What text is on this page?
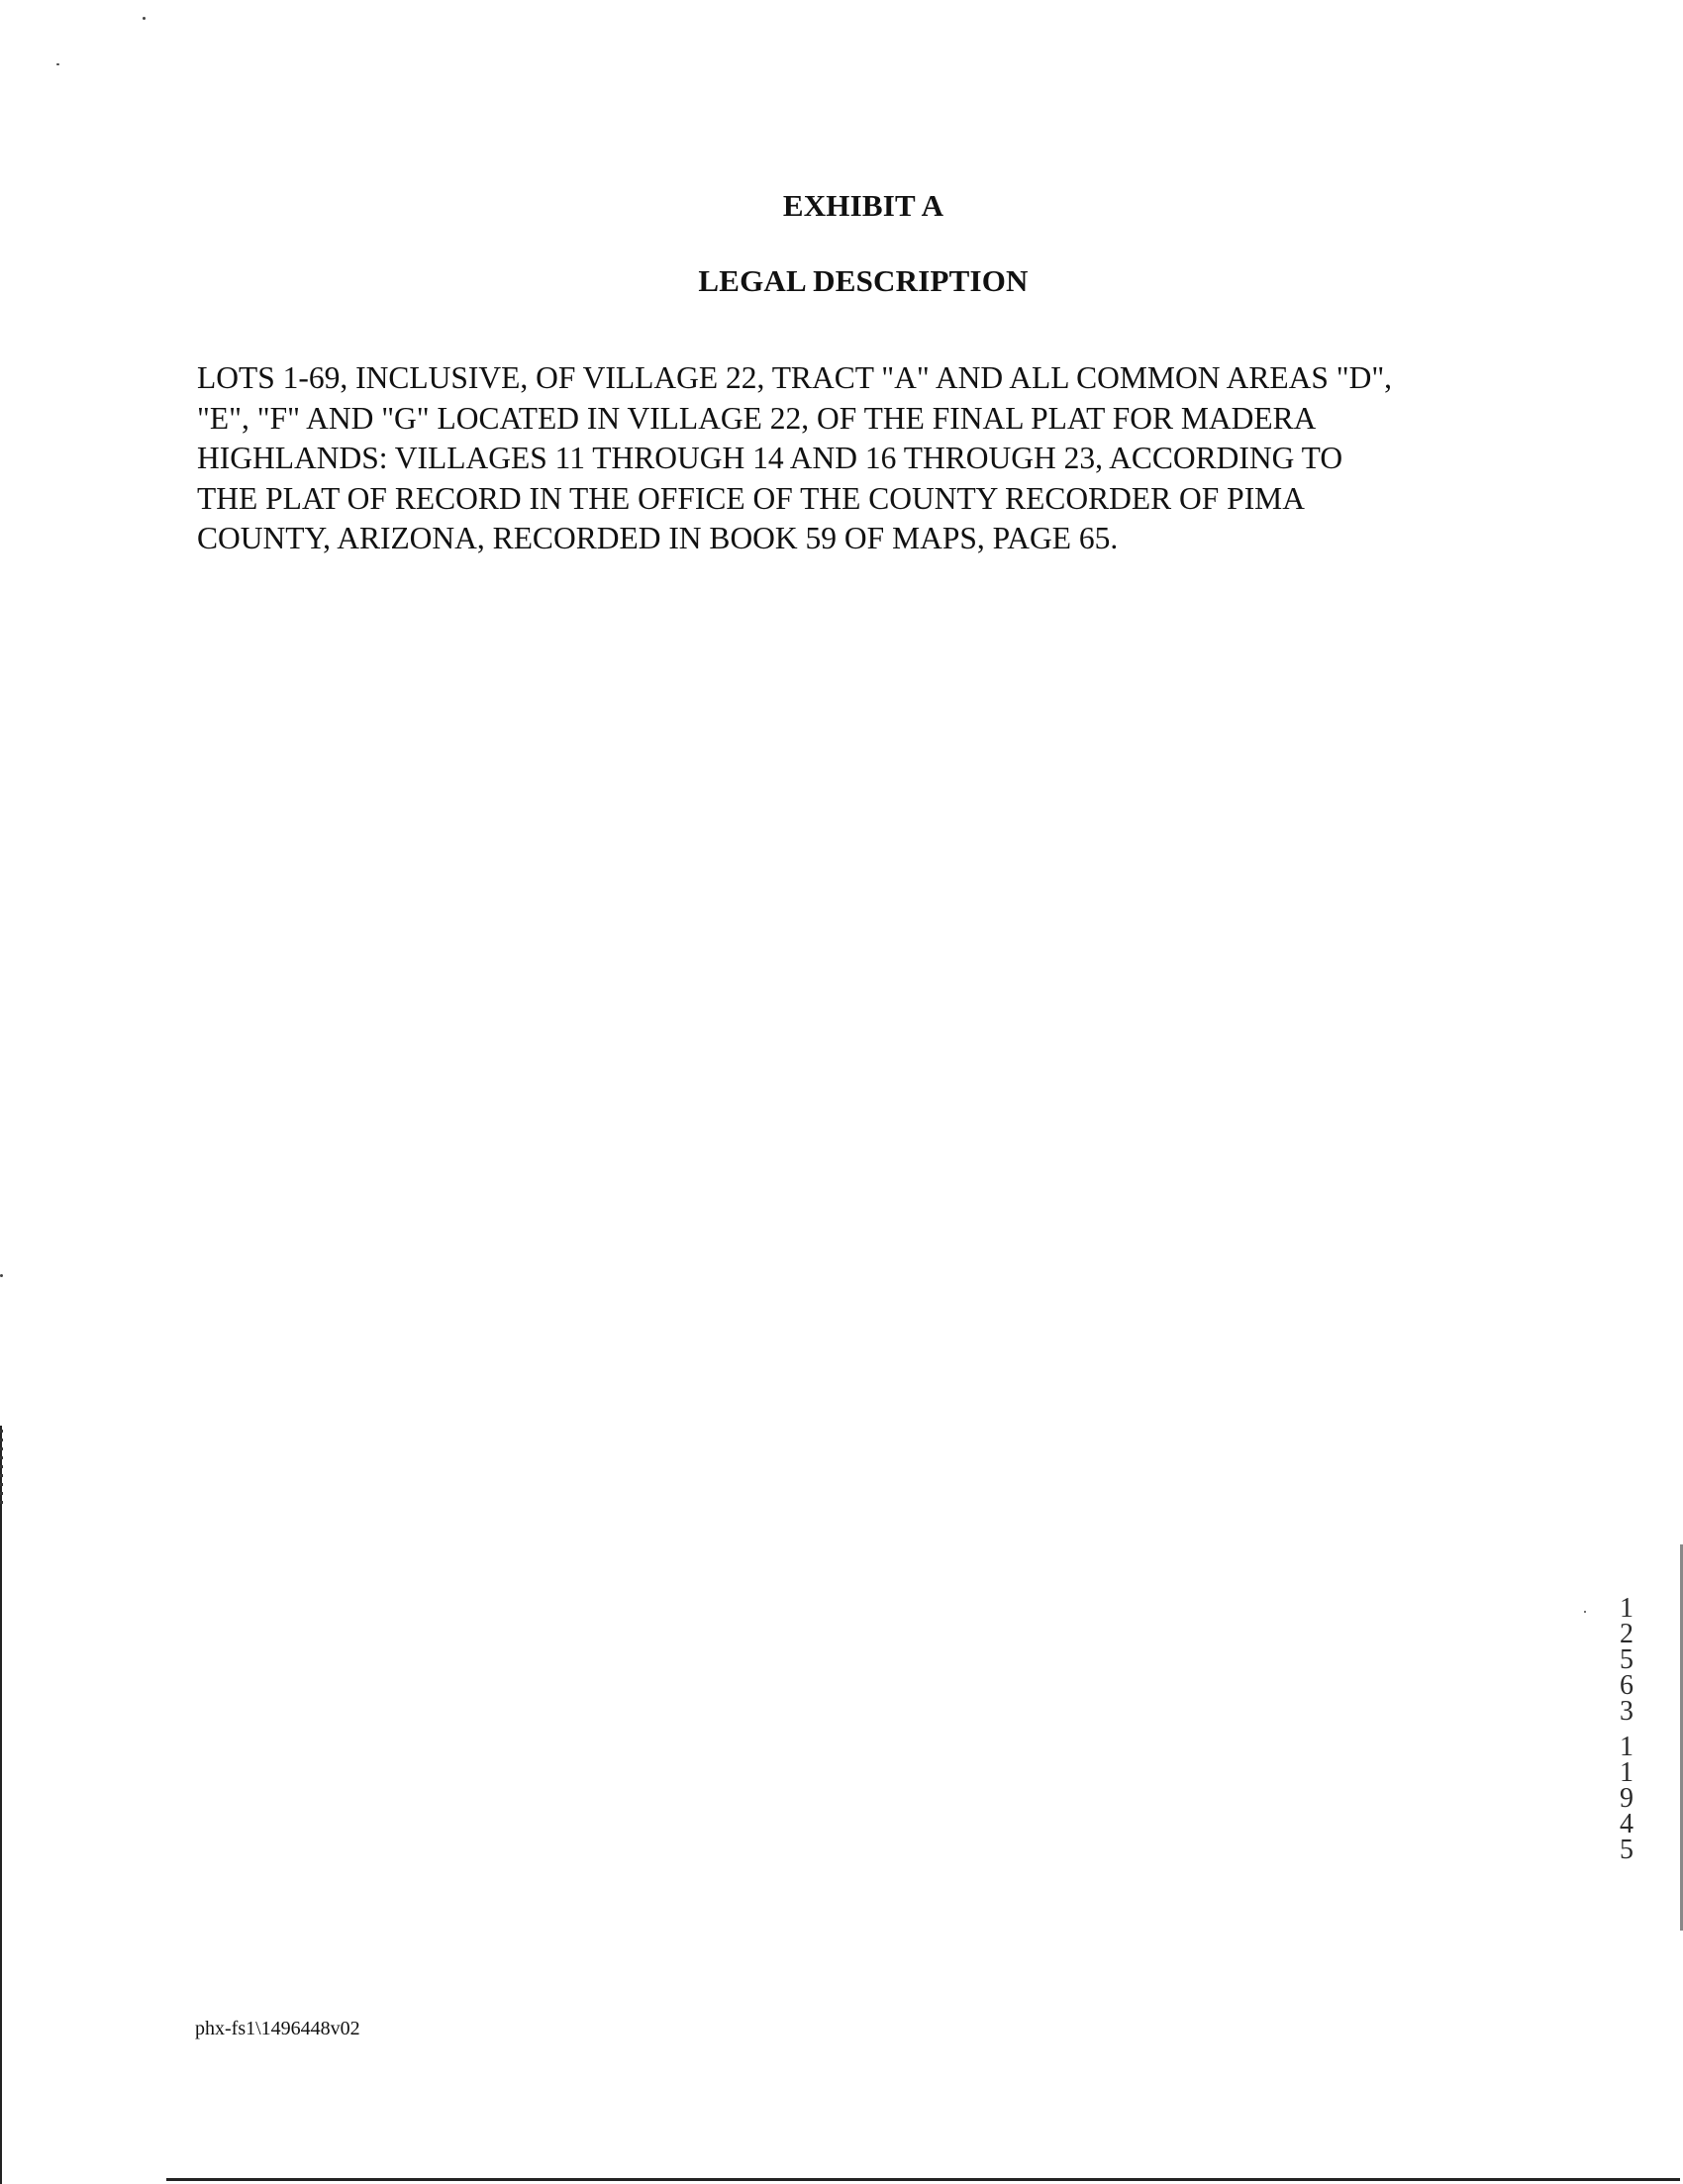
EXHIBIT A
LEGAL DESCRIPTION

LOTS 1-69, INCLUSIVE, OF VILLAGE 22, TRACT "A" AND ALL COMMON AREAS "D",
"E", "F" AND "G" LOCATED IN VILLAGE 22, OF THE FINAL PLAT FOR MADERA
HIGHLANDS: VILLAGES 11 THROUGH 14 AND 16 THROUGH 23, ACCORDING TO
THE PLAT OF RECORD IN THE OFFICE OF THE COUNTY RECORDER OF PIMA
COUNTY, ARIZONA, RECORDED IN BOOK 59 OF MAPS, PAGE 65.

1
2
5
6
3
1
1
9
4
5

phx-fs1\1496448v02
